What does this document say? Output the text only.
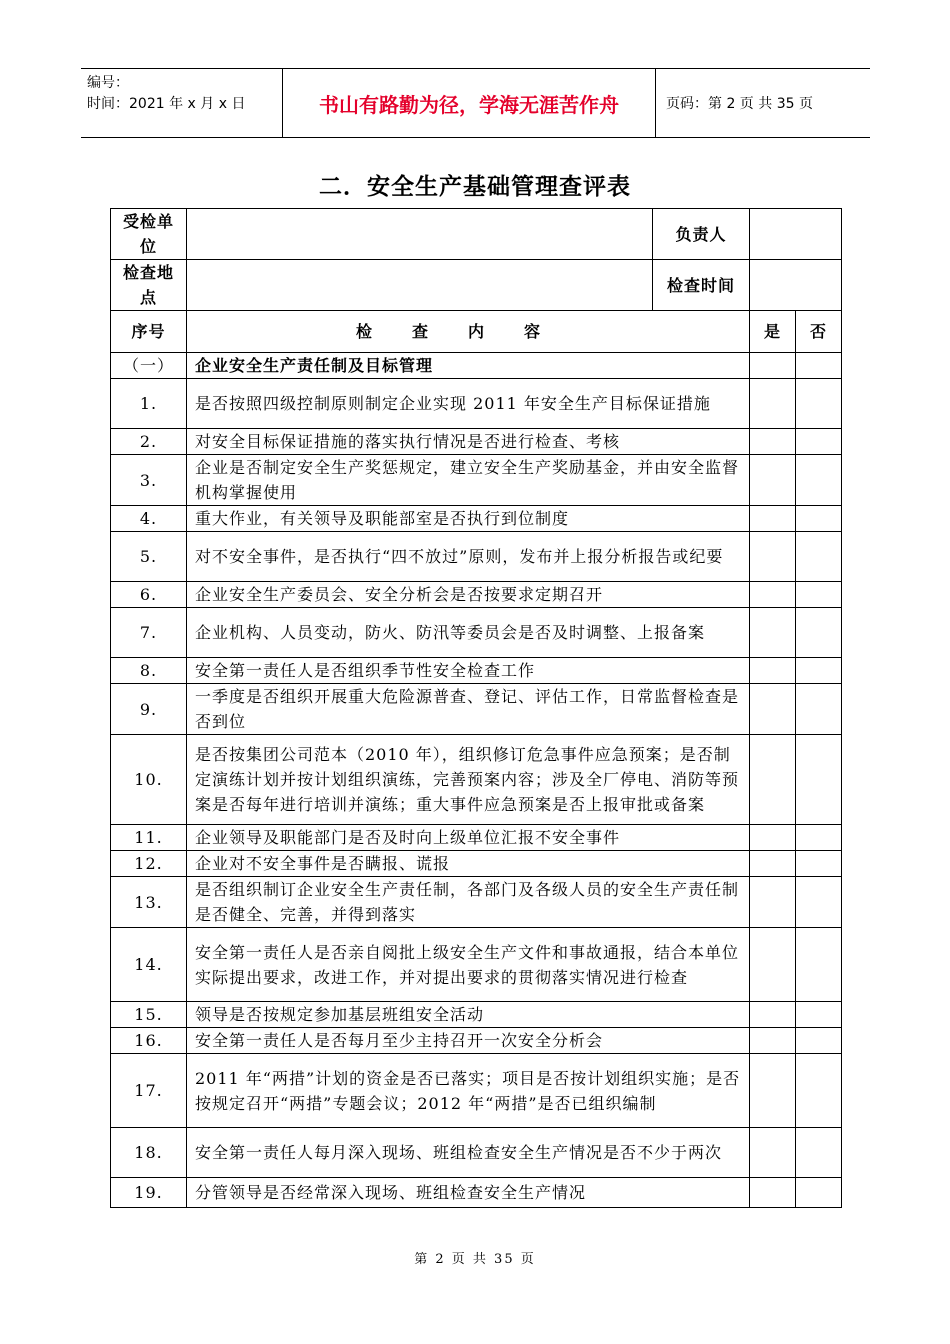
编号：
时间：2021 年 x 月 x 日	书山有路勤为径，学海无涯苦作舟	页码：第 2 页 共 35 页
二．安全生产基础管理查评表
受检单位		负责人		
检查地点		检查时间		
序号	检查内容		是	否
（一）	企业安全生产责任制及目标管理			
1.	是否按照四级控制原则制定企业实现 2011 年安全生产目标保证措施			
2.	对安全目标保证措施的落实执行情况是否进行检查、考核			
3.	企业是否制定安全生产奖惩规定，建立安全生产奖励基金，并由安全监督机构掌握使用			
4.	重大作业，有关领导及职能部室是否执行到位制度			
5.	对不安全事件，是否执行“四不放过”原则，发布并上报分析报告或纪要			
6.	企业安全生产委员会、安全分析会是否按要求定期召开			
7.	企业机构、人员变动，防火、防汛等委员会是否及时调整、上报备案			
8.	安全第一责任人是否组织季节性安全检查工作			
9.	一季度是否组织开展重大危险源普查、登记、评估工作，日常监督检查是否到位			
10.	是否按集团公司范本（2010 年），组织修订危急事件应急预案；是否制定演练计划并按计划组织演练，完善预案内容；涉及全厂停电、消防等预案是否每年进行培训并演练；重大事件应急预案是否上报审批或备案			
11.	企业领导及职能部门是否及时向上级单位汇报不安全事件			
12.	企业对不安全事件是否瞒报、谎报			
13.	是否组织制订企业安全生产责任制，各部门及各级人员的安全生产责任制是否健全、完善，并得到落实			
14.	安全第一责任人是否亲自阅批上级安全生产文件和事故通报，结合本单位实际提出要求，改进工作，并对提出要求的贯彻落实情况进行检查			
15.	领导是否按规定参加基层班组安全活动			
16.	安全第一责任人是否每月至少主持召开一次安全分析会			
17.	2011 年“两措”计划的资金是否已落实；项目是否按计划组织实施；是否按规定召开“两措”专题会议；2012 年“两措”是否已组织编制			
18.	安全第一责任人每月深入现场、班组检查安全生产情况是否不少于两次			
19.	分管领导是否经常深入现场、班组检查安全生产情况			
第 2 页 共 35 页
